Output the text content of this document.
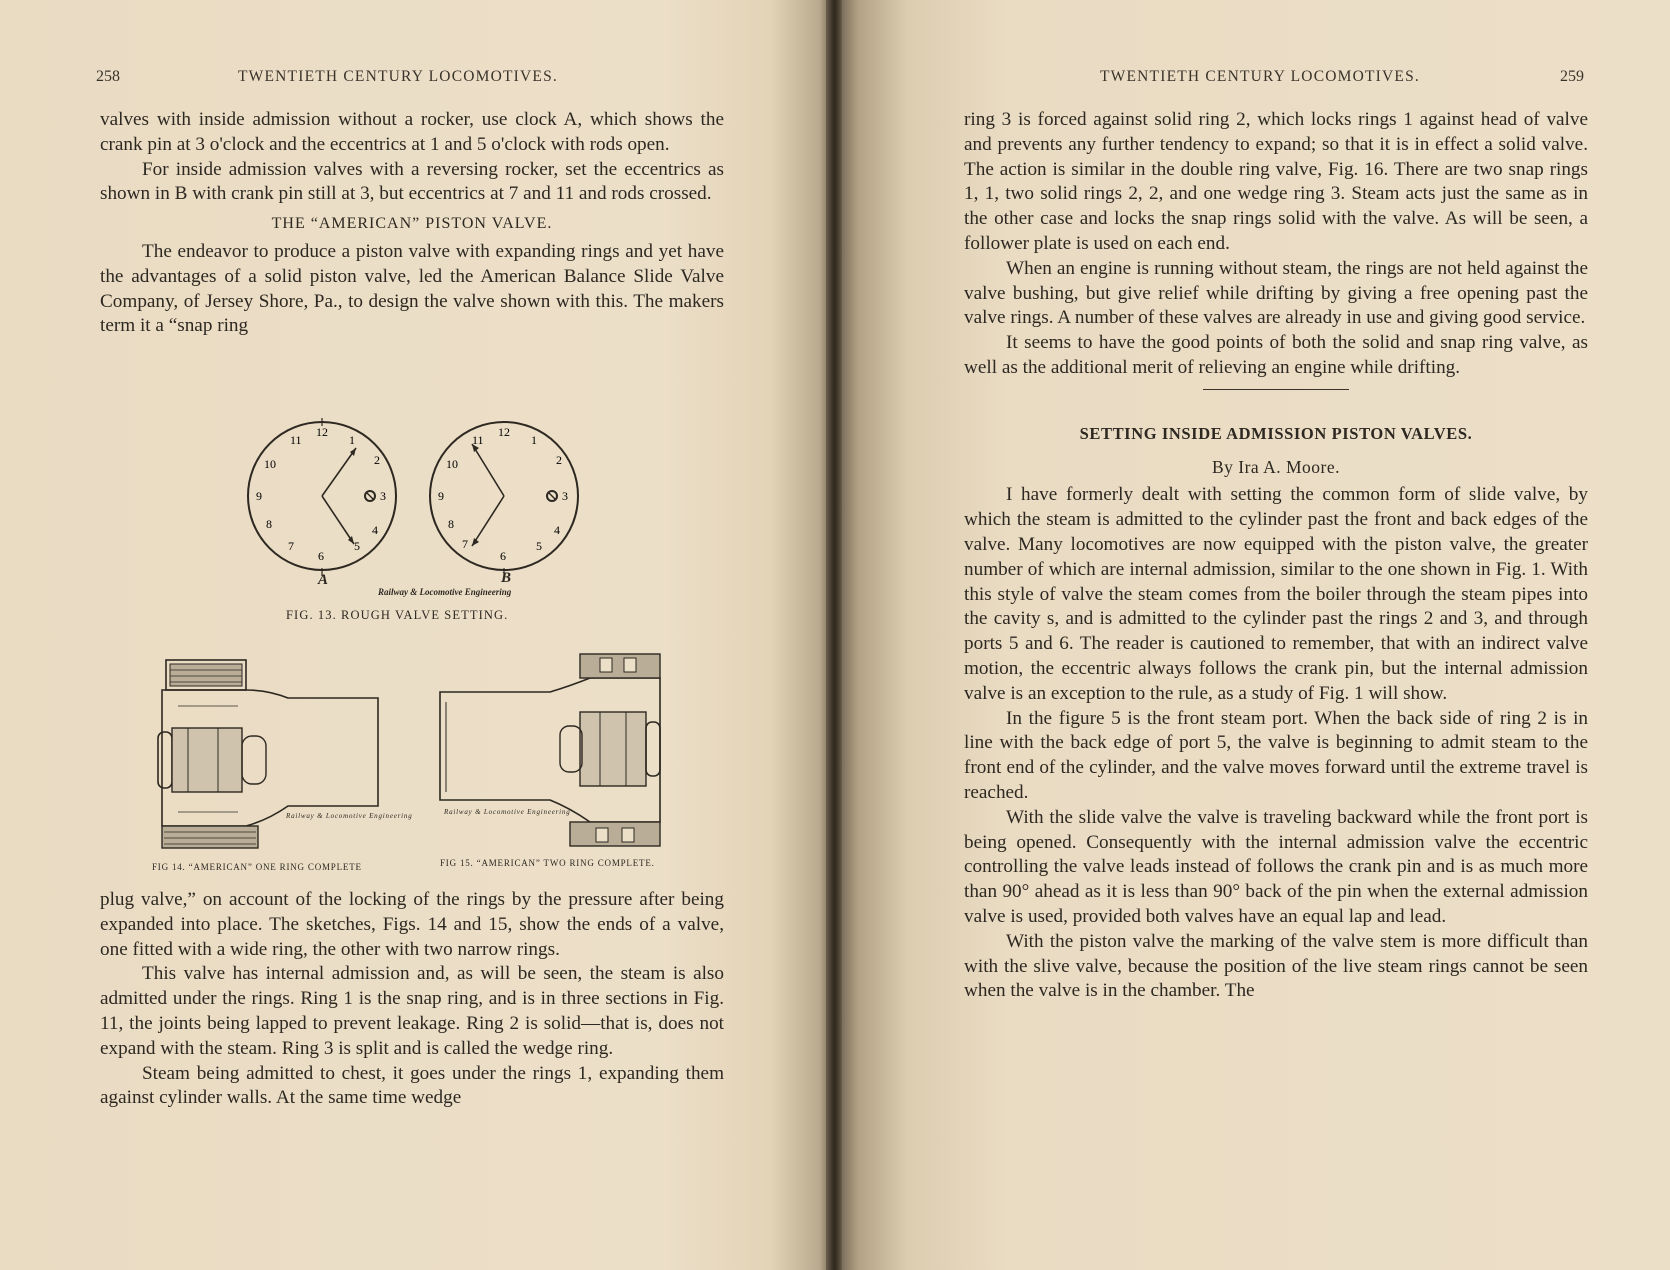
258	TWENTIETH CENTURY LOCOMOTIVES.

valves with inside admission without a rocker, use clock A, which shows the crank pin at 3 o'clock and the eccentrics at 1 and 5 o'clock with rods open.

For inside admission valves with a reversing rocker, set the eccentrics as shown in B with crank pin still at 3, but eccentrics at 7 and 11 and rods crossed.

THE “AMERICAN” PISTON VALVE.

The endeavor to produce a piston valve with expanding rings and yet have the advantages of a solid piston valve, led the American Balance Slide Valve Company, of Jersey Shore, Pa., to design the valve shown with this. The makers term it a “snap ring

12
1
2
3
4
5
6
7
8
9
10
11
A
12
1
2
3
4
5
6
7
8
9
10
11
B
Railway & Locomotive Engineering
FIG. 13. ROUGH VALVE SETTING.
Railway & Locomotive Engineering
FIG 14. “AMERICAN” ONE RING COMPLETE
Railway & Locomotive Engineering
FIG 15. “AMERICAN” TWO RING COMPLETE.

plug valve,” on account of the locking of the rings by the pressure after being expanded into place. The sketches, Figs. 14 and 15, show the ends of a valve, one fitted with a wide ring, the other with two narrow rings.

This valve has internal admission and, as will be seen, the steam is also admitted under the rings. Ring 1 is the snap ring, and is in three sections in Fig. 11, the joints being lapped to prevent leakage. Ring 2 is solid—that is, does not expand with the steam. Ring 3 is split and is called the wedge ring.

Steam being admitted to chest, it goes under the rings 1, expanding them against cylinder walls. At the same time wedge

TWENTIETH CENTURY LOCOMOTIVES.	259

ring 3 is forced against solid ring 2, which locks rings 1 against head of valve and prevents any further tendency to expand; so that it is in effect a solid valve. The action is similar in the double ring valve, Fig. 16. There are two snap rings 1, 1, two solid rings 2, 2, and one wedge ring 3. Steam acts just the same as in the other case and locks the snap rings solid with the valve. As will be seen, a follower plate is used on each end.

When an engine is running without steam, the rings are not held against the valve bushing, but give relief while drifting by giving a free opening past the valve rings. A number of these valves are already in use and giving good service.

It seems to have the good points of both the solid and snap ring valve, as well as the additional merit of relieving an engine while drifting.

SETTING INSIDE ADMISSION PISTON VALVES.
By Ira A. Moore.

I have formerly dealt with setting the common form of slide valve, by which the steam is admitted to the cylinder past the front and back edges of the valve. Many locomotives are now equipped with the piston valve, the greater number of which are internal admission, similar to the one shown in Fig. 1. With this style of valve the steam comes from the boiler through the steam pipes into the cavity s, and is admitted to the cylinder past the rings 2 and 3, and through ports 5 and 6. The reader is cautioned to remember, that with an indirect valve motion, the eccentric always follows the crank pin, but the internal admission valve is an exception to the rule, as a study of Fig. 1 will show.

In the figure 5 is the front steam port. When the back side of ring 2 is in line with the back edge of port 5, the valve is beginning to admit steam to the front end of the cylinder, and the valve moves forward until the extreme travel is reached.

With the slide valve the valve is traveling backward while the front port is being opened. Consequently with the internal admission valve the eccentric controlling the valve leads instead of follows the crank pin and is as much more than 90° ahead as it is less than 90° back of the pin when the external admission valve is used, provided both valves have an equal lap and lead.

With the piston valve the marking of the valve stem is more difficult than with the slive valve, because the position of the live steam rings cannot be seen when the valve is in the chamber. The
